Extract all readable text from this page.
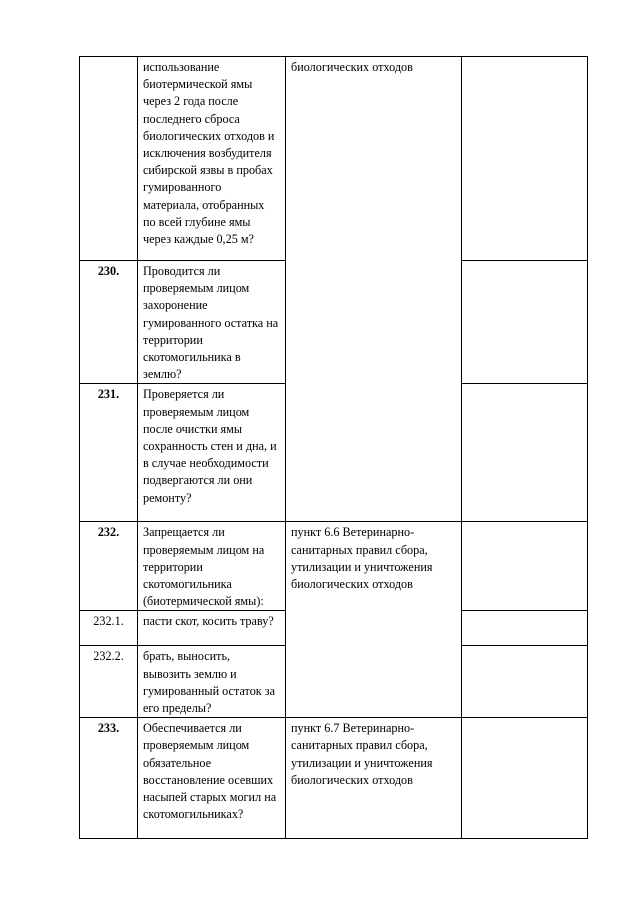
	использование биотермической ямы через 2 года после последнего сброса биологических отходов и исключения возбудителя сибирской язвы в пробах гумированного материала, отобранных по всей глубине ямы через каждые 0,25 м?	биологических отходов	
230.	Проводится ли проверяемым лицом захоронение гумированного остатка на территории скотомогильника в землю?		
231.	Проверяется ли проверяемым лицом после очистки ямы сохранность стен и дна, и в случае необходимости подвергаются ли они ремонту?		
232.	Запрещается ли проверяемым лицом на территории скотомогильника (биотермической ямы):	пункт 6.6 Ветеринарно-санитарных правил сбора, утилизации и уничтожения биологических отходов	
232.1.	пасти скот, косить траву?		
232.2.	брать, выносить, вывозить землю и гумированный остаток за его пределы?		
233.	Обеспечивается ли проверяемым лицом обязательное восстановление осевших насыпей старых могил на скотомогильниках?	пункт 6.7 Ветеринарно-санитарных правил сбора, утилизации и уничтожения биологических отходов	
